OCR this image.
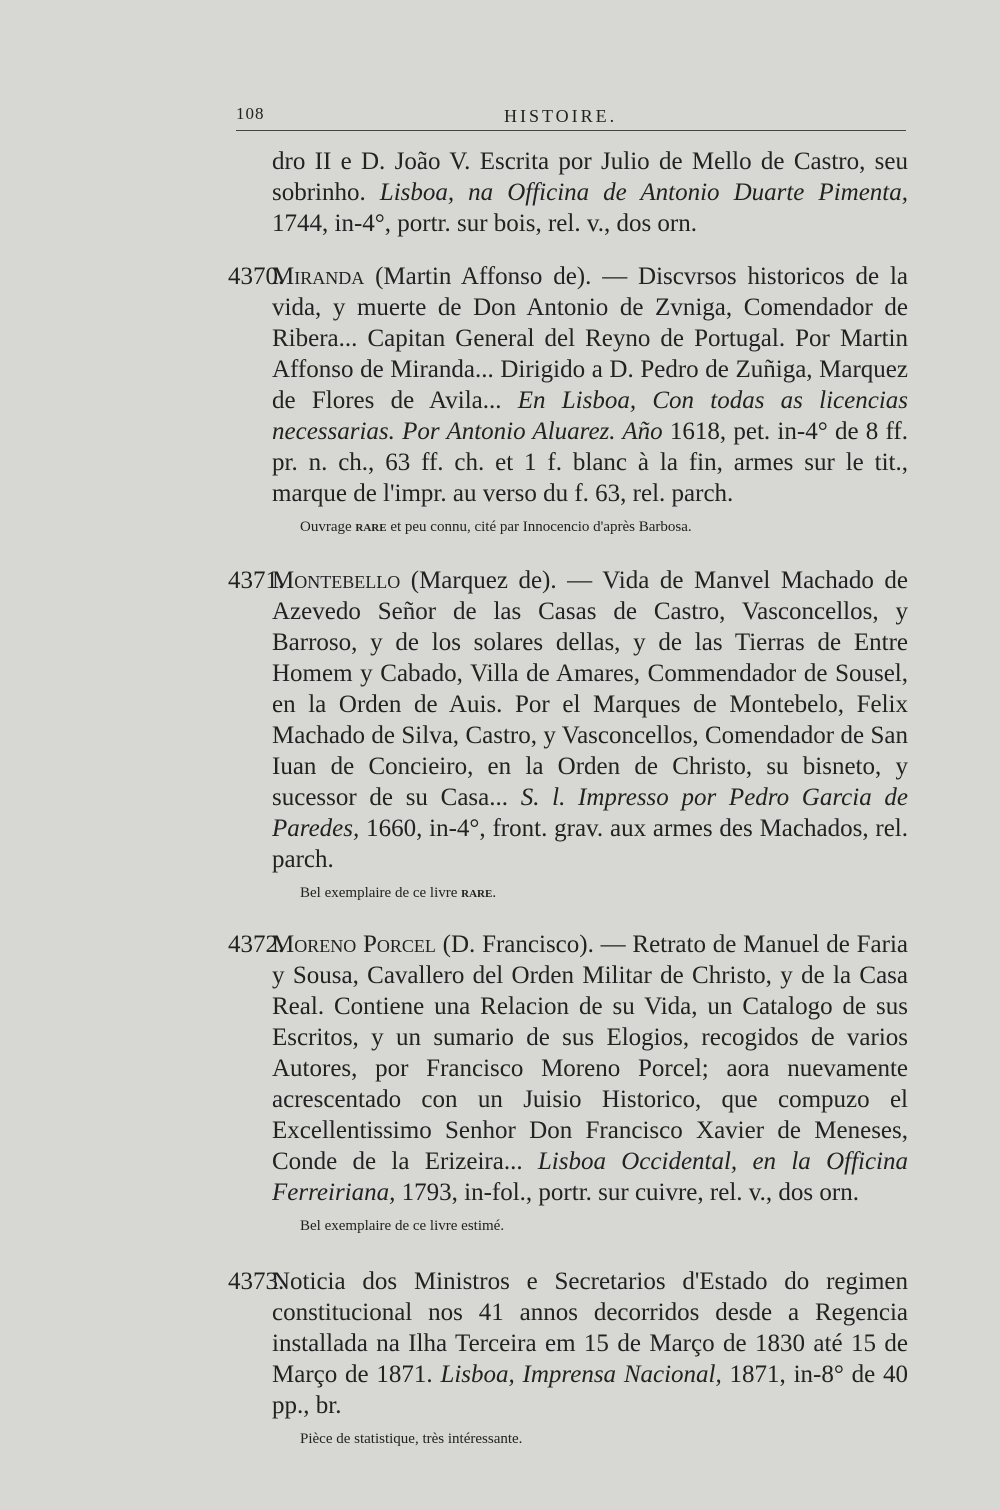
108	HISTOIRE.

dro II e D. João V. Escrita por Julio de Mello de Castro, seu sobrinho. Lisboa, na Officina de Antonio Duarte Pimenta, 1744, in-4°, portr. sur bois, rel. v., dos orn.

4370.

Miranda (Martin Affonso de). — Discvrsos historicos de la vida, y muerte de Don Antonio de Zvniga, Comendador de Ribera... Capitan General del Reyno de Portugal. Por Martin Affonso de Miranda... Dirigido a D. Pedro de Zuñiga, Marquez de Flores de Avila... En Lisboa, Con todas as licencias necessarias. Por Antonio Aluarez. Año 1618, pet. in-4° de 8 ff. pr. n. ch., 63 ff. ch. et 1 f. blanc à la fin, armes sur le tit., marque de l'impr. au verso du f. 63, rel. parch.

Ouvrage rare et peu connu, cité par Innocencio d'après Barbosa.
4371.

Montebello (Marquez de). — Vida de Manvel Machado de Azevedo Señor de las Casas de Castro, Vasconcellos, y Barroso, y de los solares dellas, y de las Tierras de Entre Homem y Cabado, Villa de Amares, Commendador de Sousel, en la Orden de Auis. Por el Marques de Montebelo, Felix Machado de Silva, Castro, y Vasconcellos, Comendador de San Iuan de Concieiro, en la Orden de Christo, su bisneto, y sucessor de su Casa... S. l. Impresso por Pedro Garcia de Paredes, 1660, in-4°, front. grav. aux armes des Machados, rel. parch.

Bel exemplaire de ce livre rare.
4372.

Moreno Porcel (D. Francisco). — Retrato de Manuel de Faria y Sousa, Cavallero del Orden Militar de Christo, y de la Casa Real. Contiene una Relacion de su Vida, un Catalogo de sus Escritos, y un sumario de sus Elogios, recogidos de varios Autores, por Francisco Moreno Porcel; aora nuevamente acrescentado con un Juisio Historico, que compuzo el Excellentissimo Senhor Don Francisco Xavier de Meneses, Conde de la Erizeira... Lisboa Occidental, en la Officina Ferreiriana, 1793, in-fol., portr. sur cuivre, rel. v., dos orn.

Bel exemplaire de ce livre estimé.
4373.

Noticia dos Ministros e Secretarios d'Estado do regimen constitucional nos 41 annos decorridos desde a Regencia installada na Ilha Terceira em 15 de Março de 1830 até 15 de Março de 1871. Lisboa, Imprensa Nacional, 1871, in-8° de 40 pp., br.

Pièce de statistique, très intéressante.
